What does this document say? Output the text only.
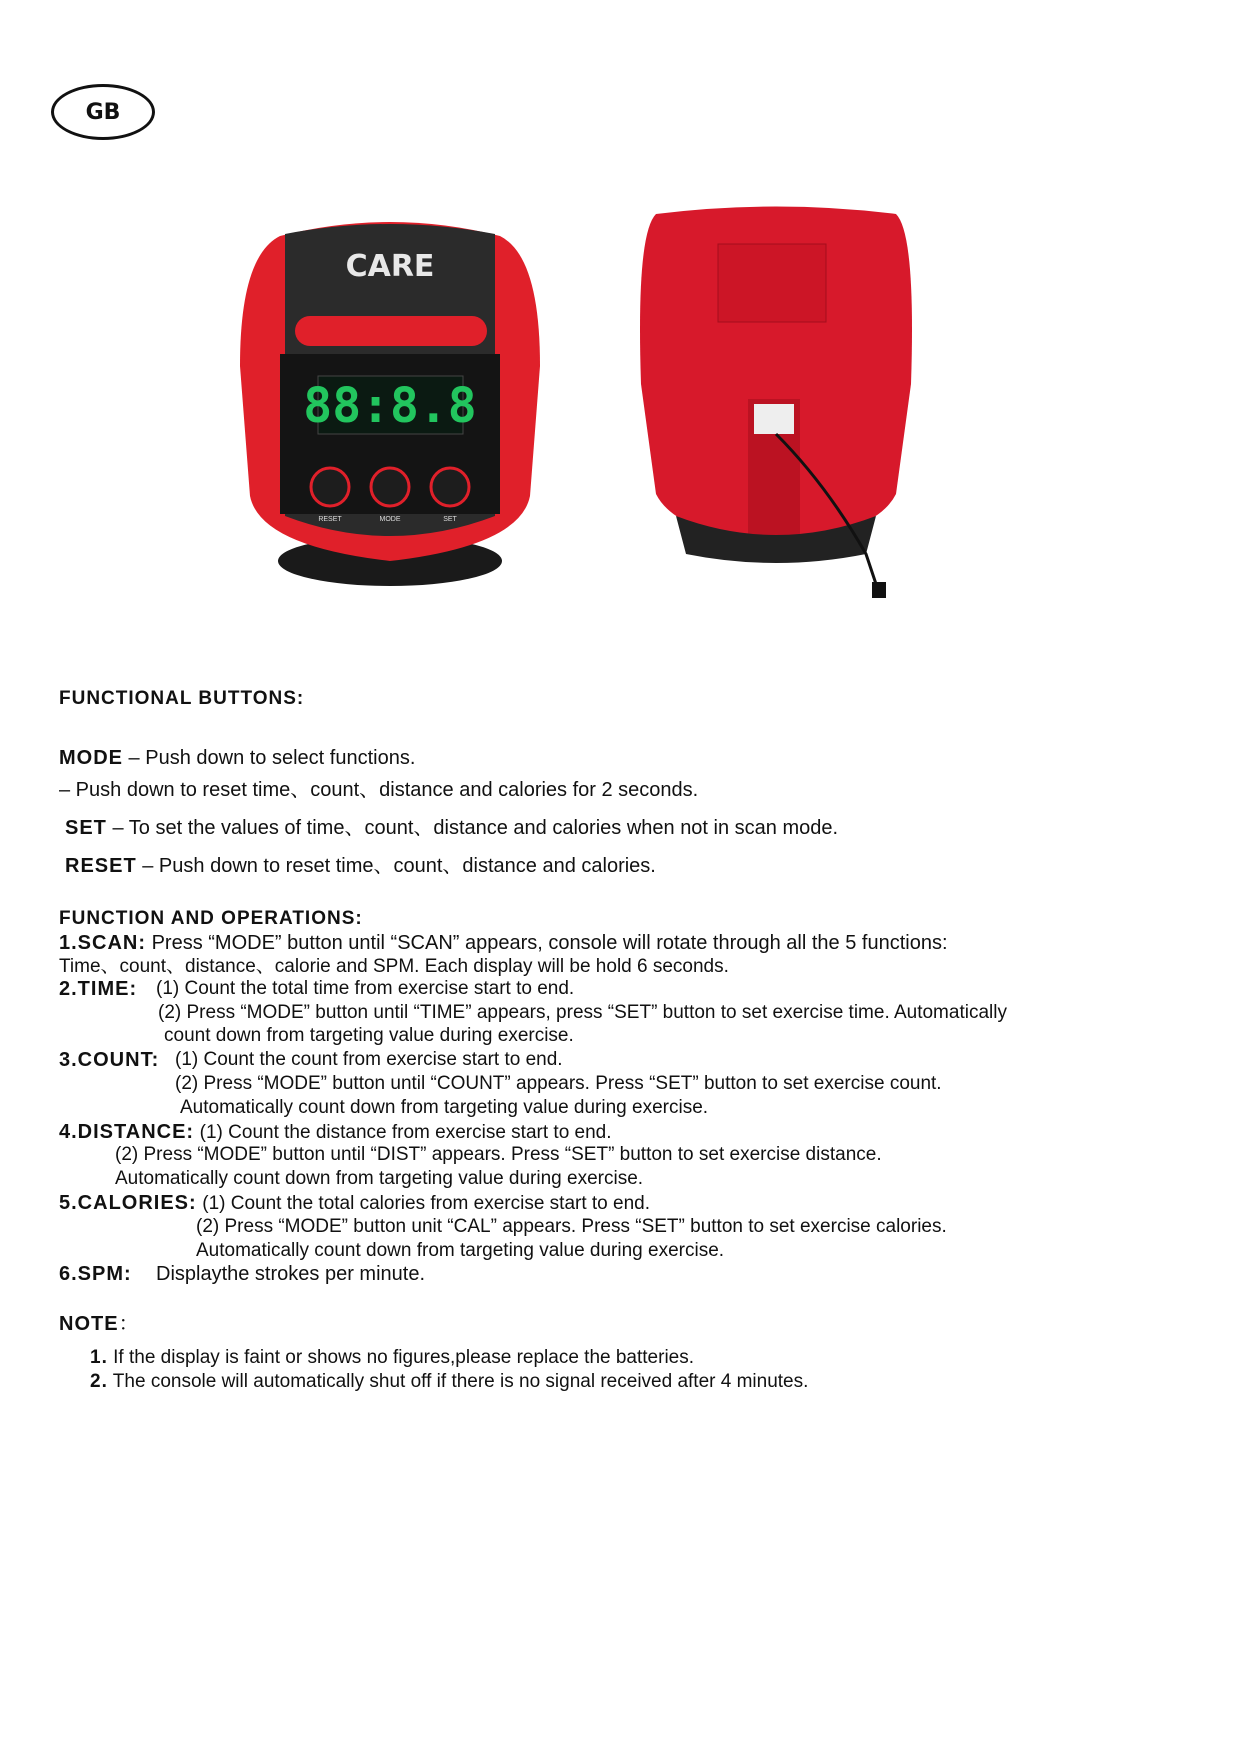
GB
CARE
88:8.8
RESET	MODE	SET
FUNCTIONAL BUTTONS:
MODE – Push down to select functions.
– Push down to reset time、count、distance and calories for 2 seconds.
SET – To set the values of time、count、distance and calories when not in scan mode.
RESET – Push down to reset time、count、distance and calories.
FUNCTION AND OPERATIONS:
1.SCAN: Press “MODE” button until “SCAN” appears, console will rotate through all the 5 functions:
Time、count、distance、calorie and SPM. Each display will be hold 6 seconds.
2.TIME: (1) Count the total time from exercise start to end.
(2) Press “MODE” button until “TIME” appears, press “SET” button to set exercise time. Automatically
count down from targeting value during exercise.
3.COUNT: (1) Count the count from exercise start to end.
(2) Press “MODE” button until “COUNT” appears. Press “SET” button to set exercise count.
Automatically count down from targeting value during exercise.
4.DISTANCE: (1) Count the distance from exercise start to end.
(2) Press “MODE” button until “DIST” appears. Press “SET” button to set exercise distance.
Automatically count down from targeting value during exercise.
5.CALORIES: (1) Count the total calories from exercise start to end.
(2) Press “MODE” button unit “CAL” appears. Press “SET” button to set exercise calories.
Automatically count down from targeting value during exercise.
6.SPM: Displaythe strokes per minute.
NOTE：
1. If the display is faint or shows no figures,please replace the batteries.
2. The console will automatically shut off if there is no signal received after 4 minutes.
